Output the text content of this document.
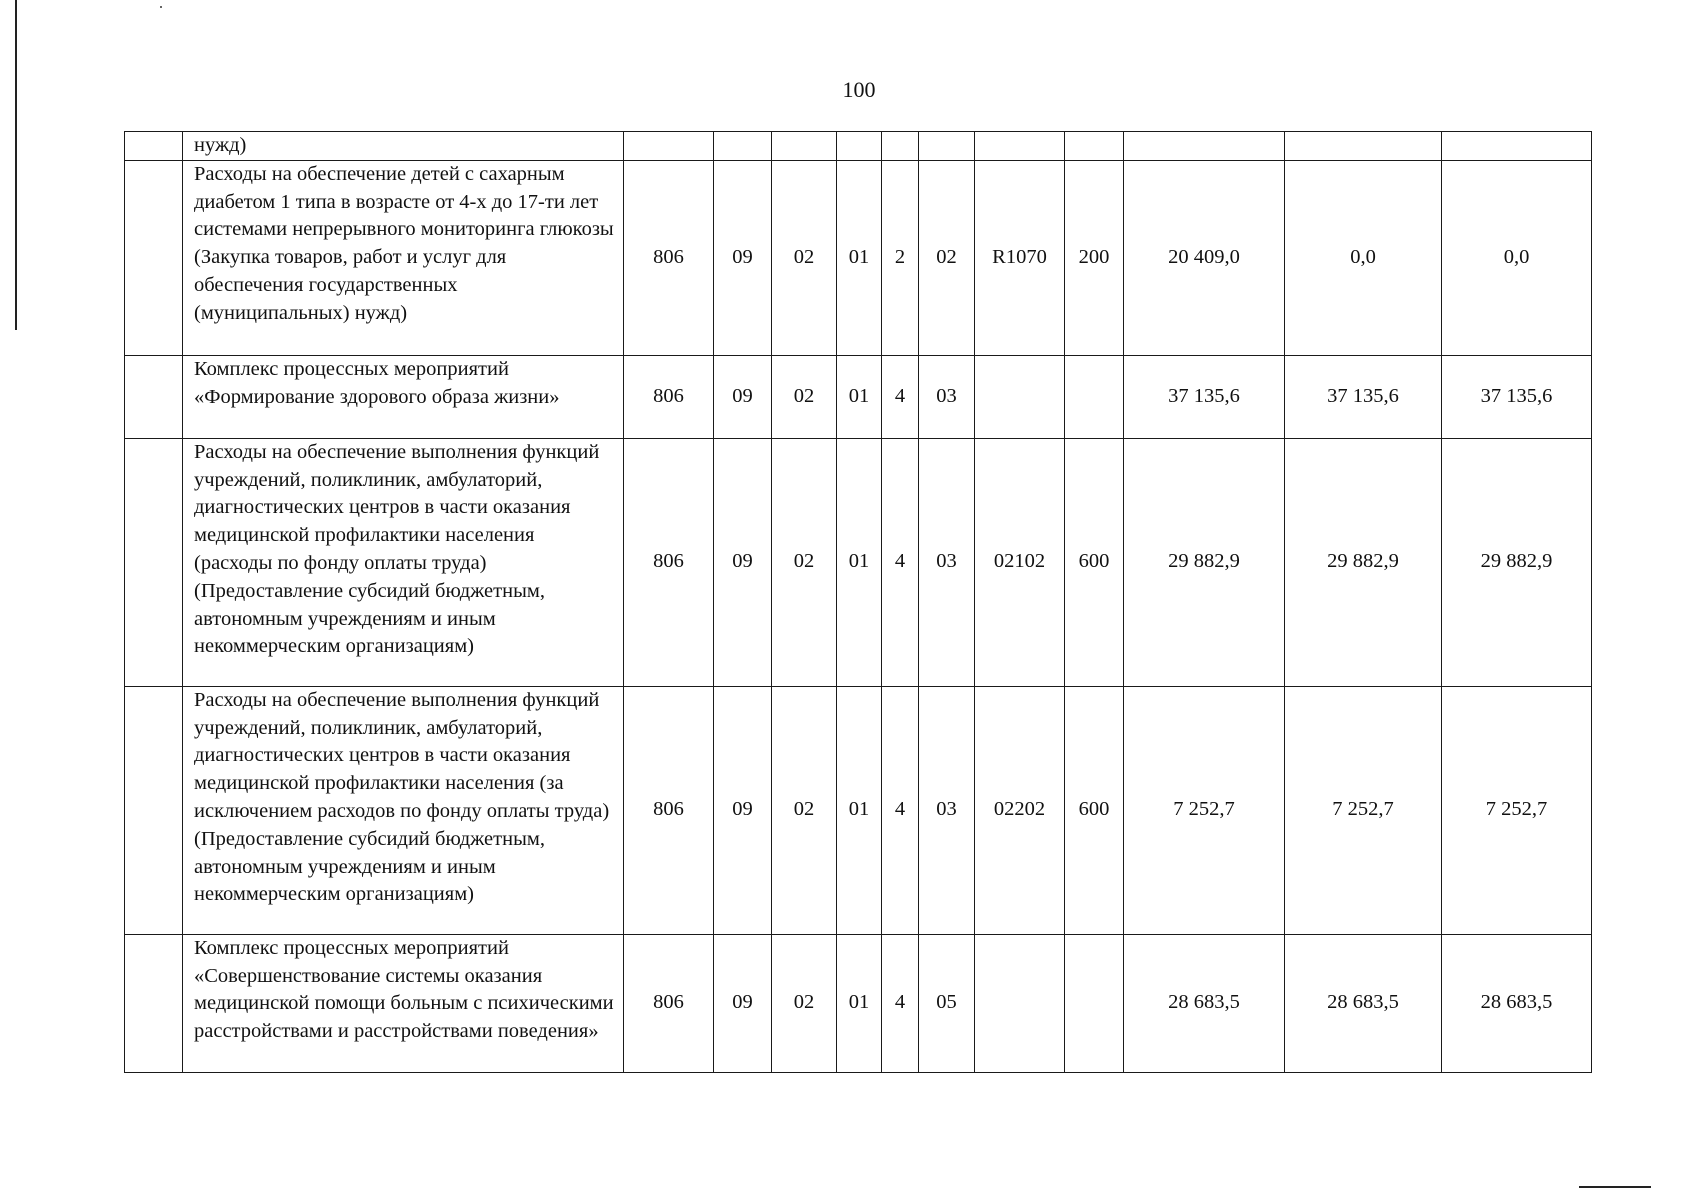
100
	нужд)											
	Расходы на обеспечение детей с сахарным диабетом 1 типа в возрасте от 4-х до 17-ти лет системами непрерывного мониторинга глюкозы (Закупка товаров, работ и услуг для обеспечения государственных (муниципальных) нужд)	806	09	02	01	2	02	R1070	200	20 409,0	0,0	0,0
	Комплекс процессных мероприятий «Формирование здорового образа жизни»	806	09	02	01	4	03			37 135,6	37 135,6	37 135,6
	Расходы на обеспечение выполнения функций учреждений, поликлиник, амбулаторий, диагностических центров в части оказания медицинской профилактики населения (расходы по фонду оплаты труда) (Предоставление субсидий бюджетным, автономным учреждениям и иным некоммерческим организациям)	806	09	02	01	4	03	02102	600	29 882,9	29 882,9	29 882,9
	Расходы на обеспечение выполнения функций учреждений, поликлиник, амбулаторий, диагностических центров в части оказания медицинской профилактики населения (за исключением расходов по фонду оплаты труда) (Предоставление субсидий бюджетным, автономным учреждениям и иным некоммерческим организациям)	806	09	02	01	4	03	02202	600	7 252,7	7 252,7	7 252,7
	Комплекс процессных мероприятий «Совершенствование системы оказания медицинской помощи больным с психическими расстройствами и расстройствами поведения»	806	09	02	01	4	05			28 683,5	28 683,5	28 683,5
